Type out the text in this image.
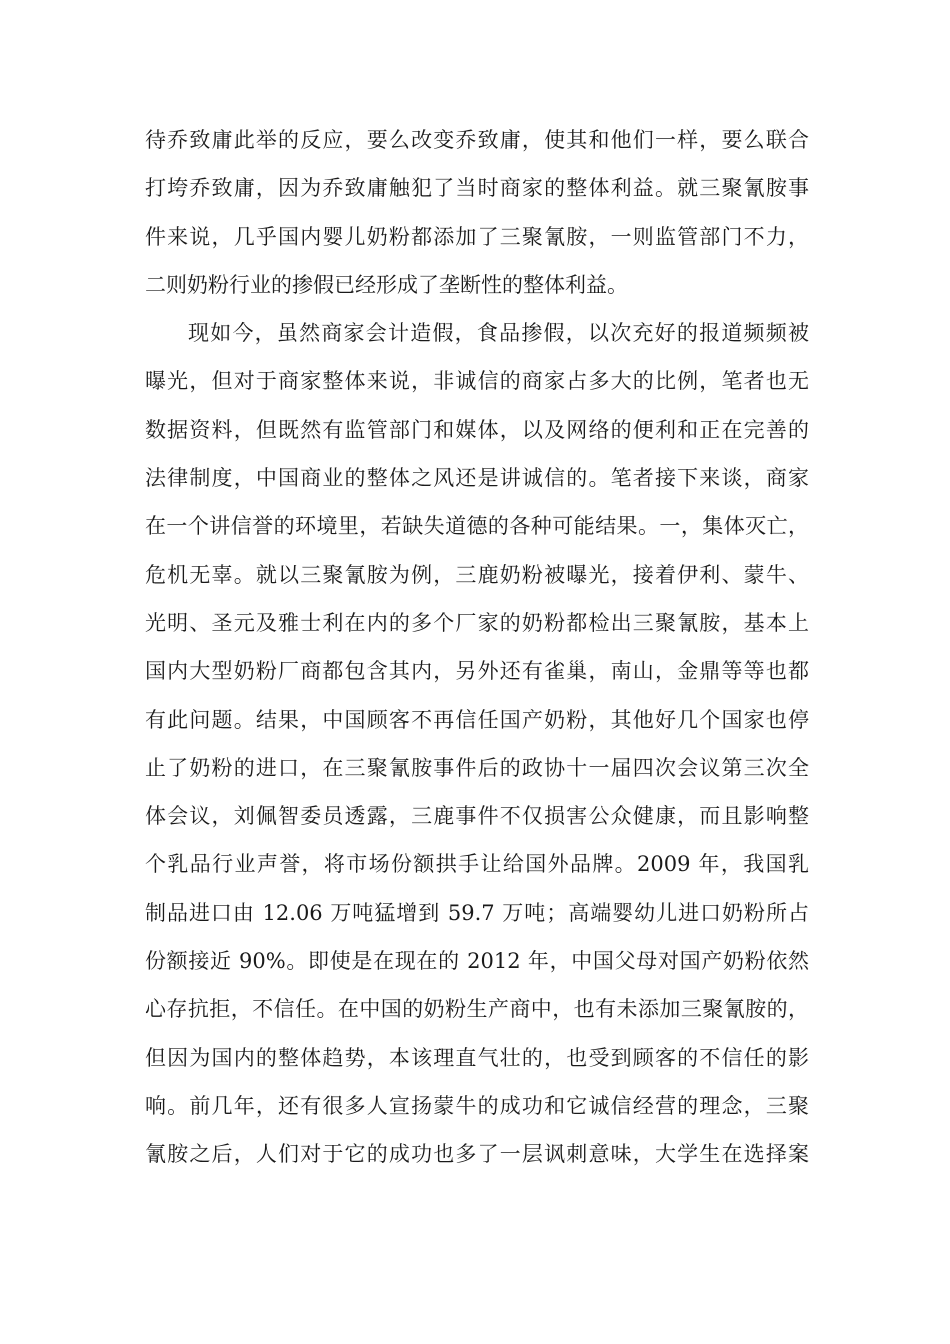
待乔致庸此举的反应，要么改变乔致庸，使其和他们一样，要么联合
打垮乔致庸，因为乔致庸触犯了当时商家的整体利益。就三聚氰胺事
件来说，几乎国内婴儿奶粉都添加了三聚氰胺，一则监管部门不力，
二则奶粉行业的掺假已经形成了垄断性的整体利益。
现如今，虽然商家会计造假，食品掺假，以次充好的报道频频被
曝光，但对于商家整体来说，非诚信的商家占多大的比例，笔者也无
数据资料，但既然有监管部门和媒体，以及网络的便利和正在完善的
法律制度，中国商业的整体之风还是讲诚信的。笔者接下来谈，商家
在一个讲信誉的环境里，若缺失道德的各种可能结果。一，集体灭亡，
危机无辜。就以三聚氰胺为例，三鹿奶粉被曝光，接着伊利、蒙牛、
光明、圣元及雅士利在内的多个厂家的奶粉都检出三聚氰胺，基本上
国内大型奶粉厂商都包含其内，另外还有雀巢，南山，金鼎等等也都
有此问题。结果，中国顾客不再信任国产奶粉，其他好几个国家也停
止了奶粉的进口，在三聚氰胺事件后的政协十一届四次会议第三次全
体会议，刘佩智委员透露，三鹿事件不仅损害公众健康，而且影响整
个乳品行业声誉，将市场份额拱手让给国外品牌。2009 年，我国乳
制品进口由 12.06 万吨猛增到 59.7 万吨；高端婴幼儿进口奶粉所占
份额接近 90%。即使是在现在的 2012 年，中国父母对国产奶粉依然
心存抗拒，不信任。在中国的奶粉生产商中，也有未添加三聚氰胺的，
但因为国内的整体趋势，本该理直气壮的，也受到顾客的不信任的影
响。前几年，还有很多人宣扬蒙牛的成功和它诚信经营的理念，三聚
氰胺之后，人们对于它的成功也多了一层讽刺意味，大学生在选择案
